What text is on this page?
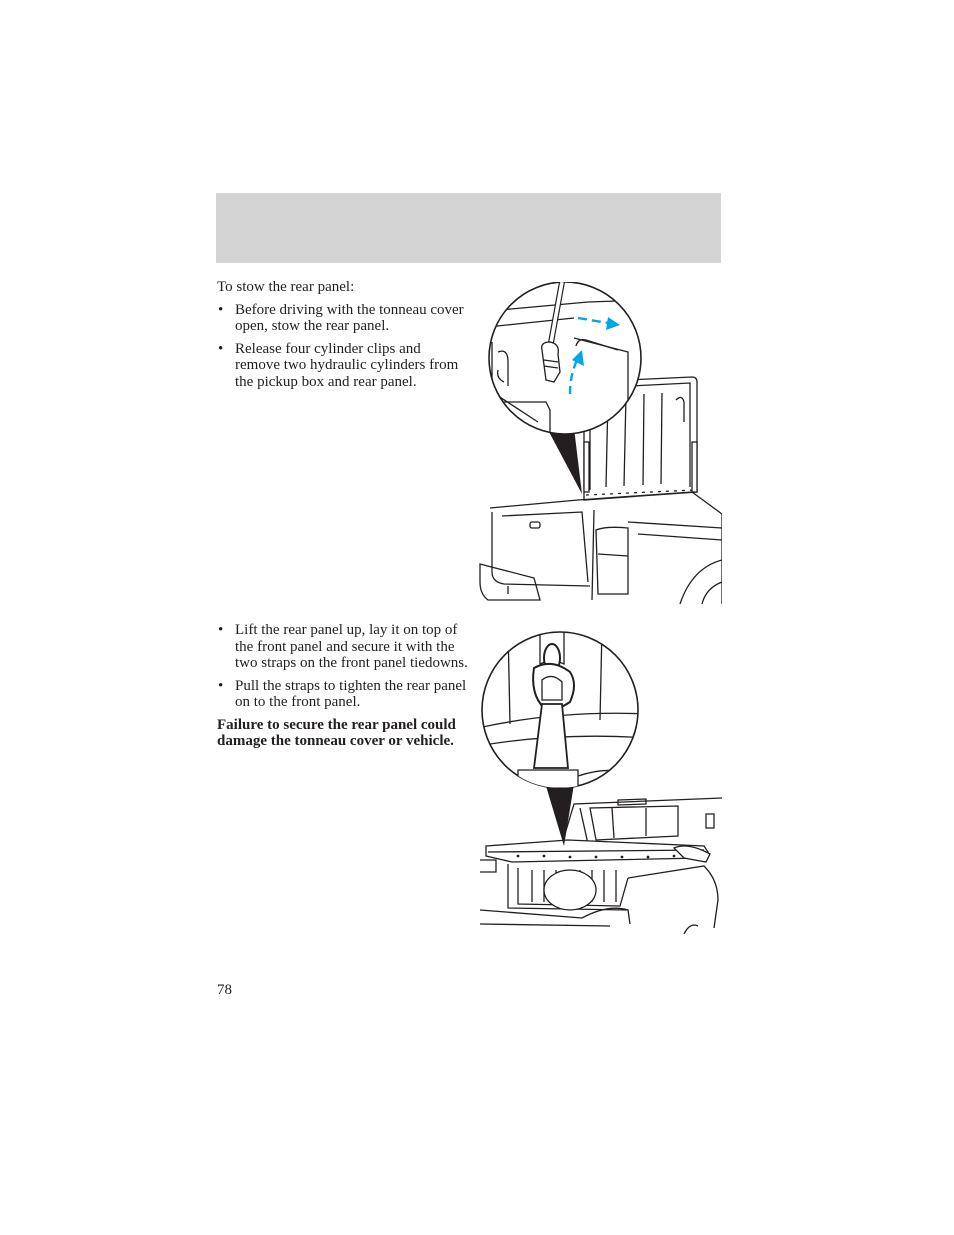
To stow the rear panel:

• Before driving with the tonneau cover open, stow the rear panel.
• Release four cylinder clips and remove two hydraulic cylinders from the pickup box and rear panel.
• Lift the rear panel up, lay it on top of the front panel and secure it with the two straps on the front panel tiedowns.
• Pull the straps to tighten the rear panel on to the front panel.

Failure to secure the rear panel could damage the tonneau cover or vehicle.

78
